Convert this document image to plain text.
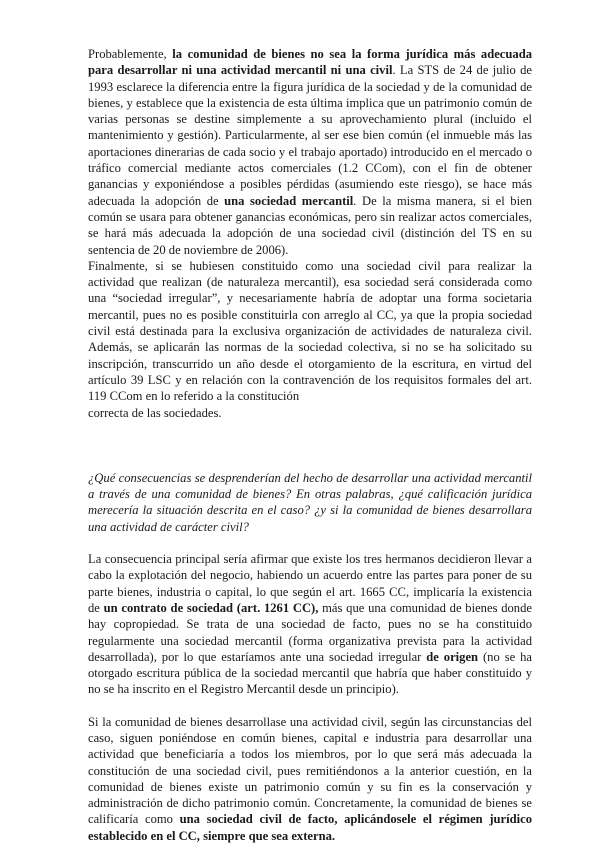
Probablemente, la comunidad de bienes no sea la forma jurídica más adecuada para desarrollar ni una actividad mercantil ni una civil. La STS de 24 de julio de 1993 esclarece la diferencia entre la figura jurídica de la sociedad y de la comunidad de bienes, y establece que la existencia de esta última implica que un patrimonio común de varias personas se destine simplemente a su aprovechamiento plural (incluido el mantenimiento y gestión). Particularmente, al ser ese bien común (el inmueble más las aportaciones dinerarias de cada socio y el trabajo aportado) introducido en el mercado o tráfico comercial mediante actos comerciales (1.2 CCom), con el fin de obtener ganancias y exponiéndose a posibles pérdidas (asumiendo este riesgo), se hace más adecuada la adopción de una sociedad mercantil. De la misma manera, si el bien común se usara para obtener ganancias económicas, pero sin realizar actos comerciales, se hará más adecuada la adopción de una sociedad civil (distinción del TS en su sentencia de 20 de noviembre de 2006).

Finalmente, si se hubiesen constituido como una sociedad civil para realizar la actividad que realizan (de naturaleza mercantil), esa sociedad será considerada como una “sociedad irregular”, y necesariamente habría de adoptar una forma societaria mercantil, pues no es posible constituirla con arreglo al CC, ya que la propia sociedad civil está destinada para la exclusiva organización de actividades de naturaleza civil. Además, se aplicarán las normas de la sociedad colectiva, si no se ha solicitado su inscripción, transcurrido un año desde el otorgamiento de la escritura, en virtud del artículo 39 LSC y en relación con la contravención de los requisitos formales del art. 119 CCom en lo referido a la constitución
correcta de las sociedades.

¿Qué consecuencias se desprenderían del hecho de desarrollar una actividad mercantil a través de una comunidad de bienes? En otras palabras, ¿qué calificación jurídica merecería la situación descrita en el caso? ¿y si la comunidad de bienes desarrollara una actividad de carácter civil?

La consecuencia principal sería afirmar que existe los tres hermanos decidieron llevar a cabo la explotación del negocio, habiendo un acuerdo entre las partes para poner de su parte bienes, industria o capital, lo que según el art. 1665 CC, implicaría la existencia de un contrato de sociedad (art. 1261 CC), más que una comunidad de bienes donde hay copropiedad. Se trata de una sociedad de facto, pues no se ha constituido regularmente una sociedad mercantil (forma organizativa prevista para la actividad desarrollada), por lo que estaríamos ante una sociedad irregular de origen (no se ha otorgado escritura pública de la sociedad mercantil que habría que haber constituido y no se ha inscrito en el Registro Mercantil desde un principio).

Si la comunidad de bienes desarrollase una actividad civil, según las circunstancias del caso, siguen poniéndose en común bienes, capital e industria para desarrollar una actividad que beneficiaría a todos los miembros, por lo que será más adecuada la constitución de una sociedad civil, pues remitiéndonos a la anterior cuestión, en la comunidad de bienes existe un patrimonio común y su fin es la conservación y administración de dicho patrimonio común. Concretamente, la comunidad de bienes se calificaría como una sociedad civil de facto, aplicándosele el régimen jurídico establecido en el CC, siempre que sea externa.
